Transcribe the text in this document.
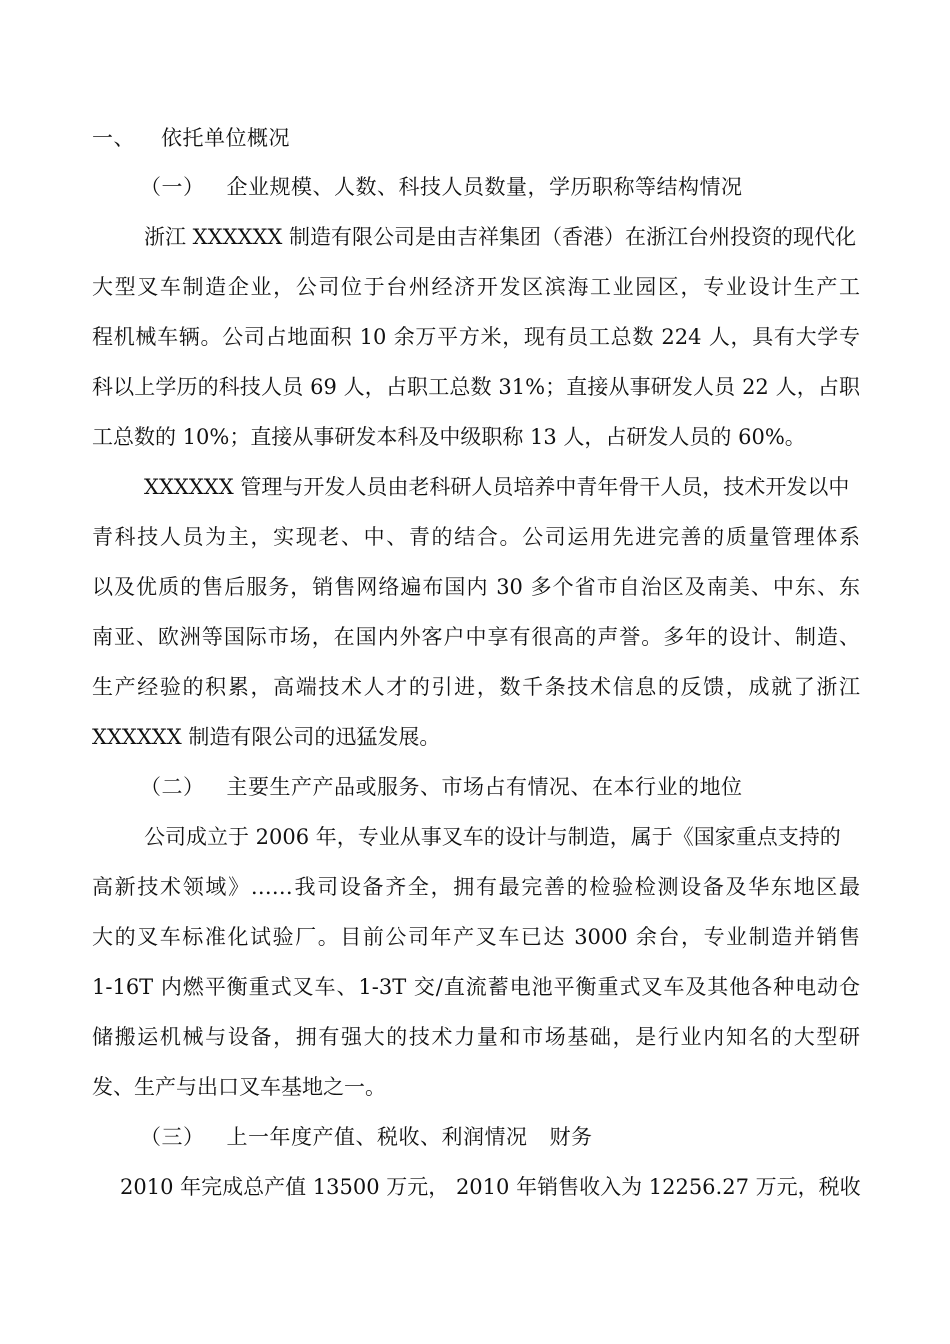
一、 依托单位概况
（一） 企业规模、人数、科技人员数量，学历职称等结构情况
浙江 XXXXXX 制造有限公司是由吉祥集团（香港）在浙江台州投资的现代化
大型叉车制造企业，公司位于台州经济开发区滨海工业园区，专业设计生产工
程机械车辆。公司占地面积 10 余万平方米，现有员工总数 224 人，具有大学专
科以上学历的科技人员 69 人，占职工总数 31%；直接从事研发人员 22 人，占职
工总数的 10%；直接从事研发本科及中级职称 13 人，占研发人员的 60%。
XXXXXX 管理与开发人员由老科研人员培养中青年骨干人员，技术开发以中
青科技人员为主，实现老、中、青的结合。公司运用先进完善的质量管理体系
以及优质的售后服务，销售网络遍布国内 30 多个省市自治区及南美、中东、东
南亚、欧洲等国际市场，在国内外客户中享有很高的声誉。多年的设计、制造、
生产经验的积累，高端技术人才的引进，数千条技术信息的反馈，成就了浙江
XXXXXX 制造有限公司的迅猛发展。
（二） 主要生产产品或服务、市场占有情况、在本行业的地位
公司成立于 2006 年，专业从事叉车的设计与制造，属于《国家重点支持的
高新技术领域》……我司设备齐全，拥有最完善的检验检测设备及华东地区最
大的叉车标准化试验厂。目前公司年产叉车已达 3000 余台，专业制造并销售
1-16T 内燃平衡重式叉车、1-3T 交/直流蓄电池平衡重式叉车及其他各种电动仓
储搬运机械与设备，拥有强大的技术力量和市场基础，是行业内知名的大型研
发、生产与出口叉车基地之一。
（三） 上一年度产值、税收、利润情况 财务
2010 年完成总产值 13500 万元， 2010 年销售收入为 12256.27 万元，税收
